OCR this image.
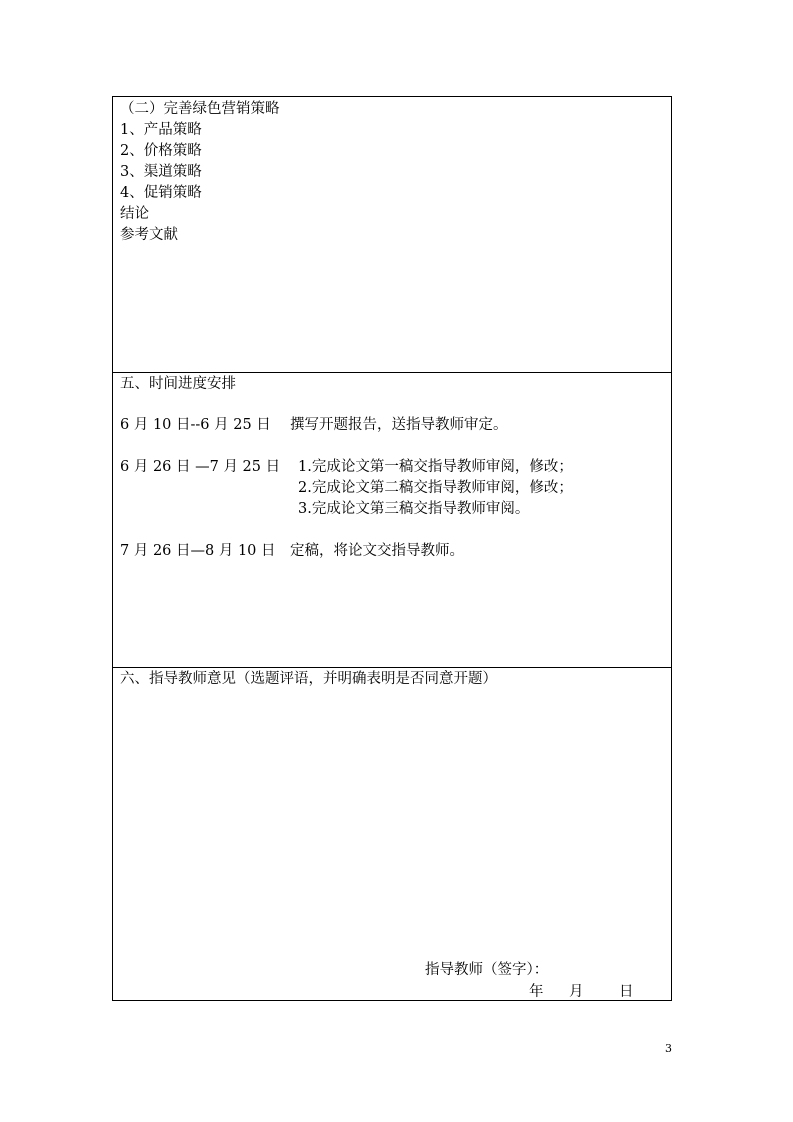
（二）完善绿色营销策略
1、产品策略
2、价格策略
3、渠道策略
4、促销策略
结论
参考文献
五、时间进度安排
6 月 10 日--6 月 25 日 撰写开题报告，送指导教师审定。
6 月 26 日 —7 月 25 日 1.完成论文第一稿交指导教师审阅，修改；
2.完成论文第二稿交指导教师审阅，修改；
3.完成论文第三稿交指导教师审阅。
7 月 26 日—8 月 10 日 定稿，将论文交指导教师。
六、指导教师意见（选题评语，并明确表明是否同意开题）
指导教师（签字）：
年 月 日
3
